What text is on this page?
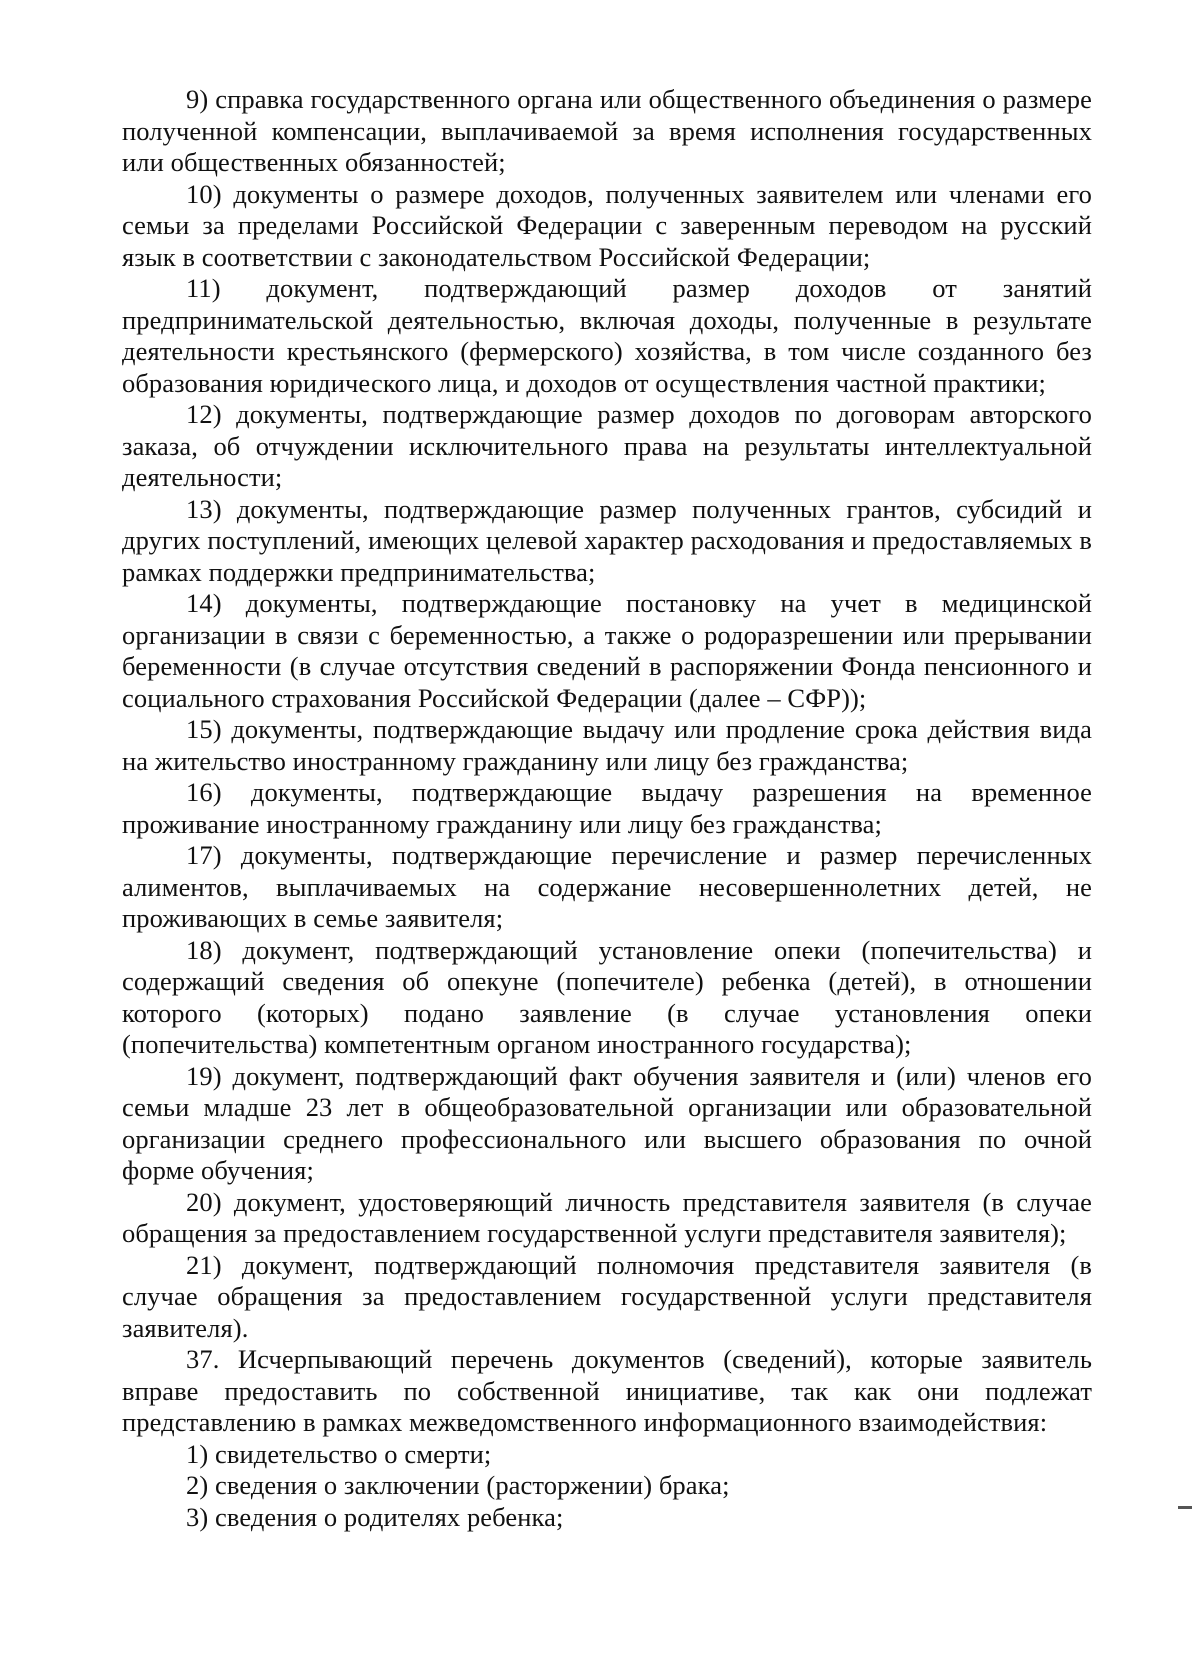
9) справка государственного органа или общественного объединения о размере полученной компенсации, выплачиваемой за время исполнения государственных или общественных обязанностей;

10) документы о размере доходов, полученных заявителем или членами его семьи за пределами Российской Федерации с заверенным переводом на русский язык в соответствии с законодательством Российской Федерации;

11) документ, подтверждающий размер доходов от занятий предпринимательской деятельностью, включая доходы, полученные в результате деятельности крестьянского (фермерского) хозяйства, в том числе созданного без образования юридического лица, и доходов от осуществления частной практики;

12) документы, подтверждающие размер доходов по договорам авторского заказа, об отчуждении исключительного права на результаты интеллектуальной деятельности;

13) документы, подтверждающие размер полученных грантов, субсидий и других поступлений, имеющих целевой характер расходования и предоставляемых в рамках поддержки предпринимательства;

14) документы, подтверждающие постановку на учет в медицинской организации в связи с беременностью, а также о родоразрешении или прерывании беременности (в случае отсутствия сведений в распоряжении Фонда пенсионного и социального страхования Российской Федерации (далее – СФР));

15) документы, подтверждающие выдачу или продление срока действия вида на жительство иностранному гражданину или лицу без гражданства;

16) документы, подтверждающие выдачу разрешения на временное проживание иностранному гражданину или лицу без гражданства;

17) документы, подтверждающие перечисление и размер перечисленных алиментов, выплачиваемых на содержание несовершеннолетних детей, не проживающих в семье заявителя;

18) документ, подтверждающий установление опеки (попечительства) и содержащий сведения об опекуне (попечителе) ребенка (детей), в отношении которого (которых) подано заявление (в случае установления опеки (попечительства) компетентным органом иностранного государства);

19) документ, подтверждающий факт обучения заявителя и (или) членов его семьи младше 23 лет в общеобразовательной организации или образовательной организации среднего профессионального или высшего образования по очной форме обучения;

20) документ, удостоверяющий личность представителя заявителя (в случае обращения за предоставлением государственной услуги представителя заявителя);

21) документ, подтверждающий полномочия представителя заявителя (в случае обращения за предоставлением государственной услуги представителя заявителя).

37. Исчерпывающий перечень документов (сведений), которые заявитель вправе предоставить по собственной инициативе, так как они подлежат представлению в рамках межведомственного информационного взаимодействия:

1) свидетельство о смерти;

2) сведения о заключении (расторжении) брака;

3) сведения о родителях ребенка;
